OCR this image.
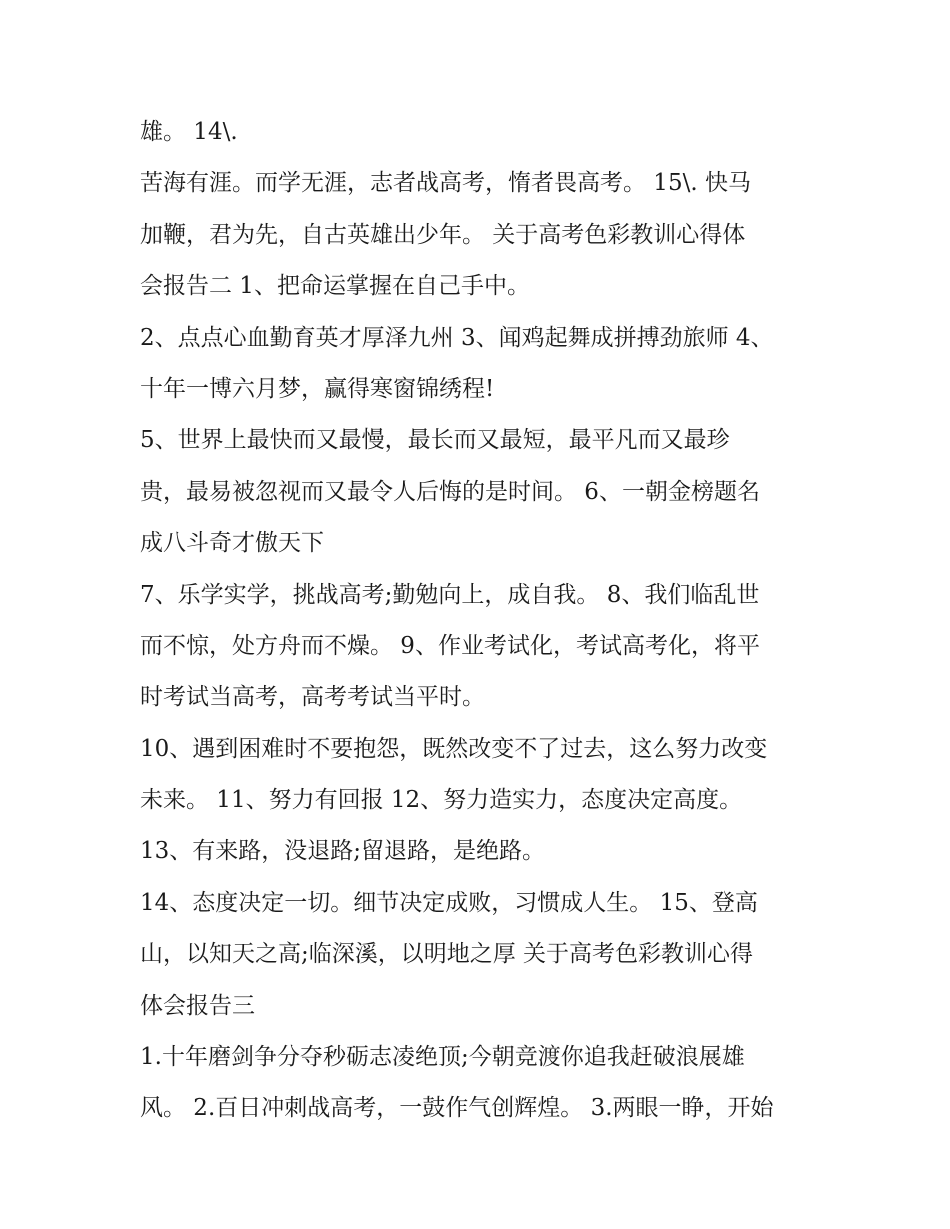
雄。 14\.
苦海有涯。而学无涯，志者战高考，惰者畏高考。 15\. 快马
加鞭，君为先，自古英雄出少年。 关于高考色彩教训心得体
会报告二 1、把命运掌握在自己手中。
2、点点心血勤育英才厚泽九州 3、闻鸡起舞成拼搏劲旅师 4、
十年一博六月梦，赢得寒窗锦绣程!
5、世界上最快而又最慢，最长而又最短，最平凡而又最珍
贵，最易被忽视而又最令人后悔的是时间。 6、一朝金榜题名
成八斗奇才傲天下
7、乐学实学，挑战高考;勤勉向上，成自我。 8、我们临乱世
而不惊，处方舟而不燥。 9、作业考试化，考试高考化，将平
时考试当高考，高考考试当平时。
10、遇到困难时不要抱怨，既然改变不了过去，这么努力改变
未来。 11、努力有回报 12、努力造实力，态度决定高度。
13、有来路，没退路;留退路，是绝路。
14、态度决定一切。细节决定成败，习惯成人生。 15、登高
山，以知天之高;临深溪，以明地之厚 关于高考色彩教训心得
体会报告三
1.十年磨剑争分夺秒砺志凌绝顶;今朝竞渡你追我赶破浪展雄
风。 2.百日冲刺战高考，一鼓作气创辉煌。 3.两眼一睁，开始
